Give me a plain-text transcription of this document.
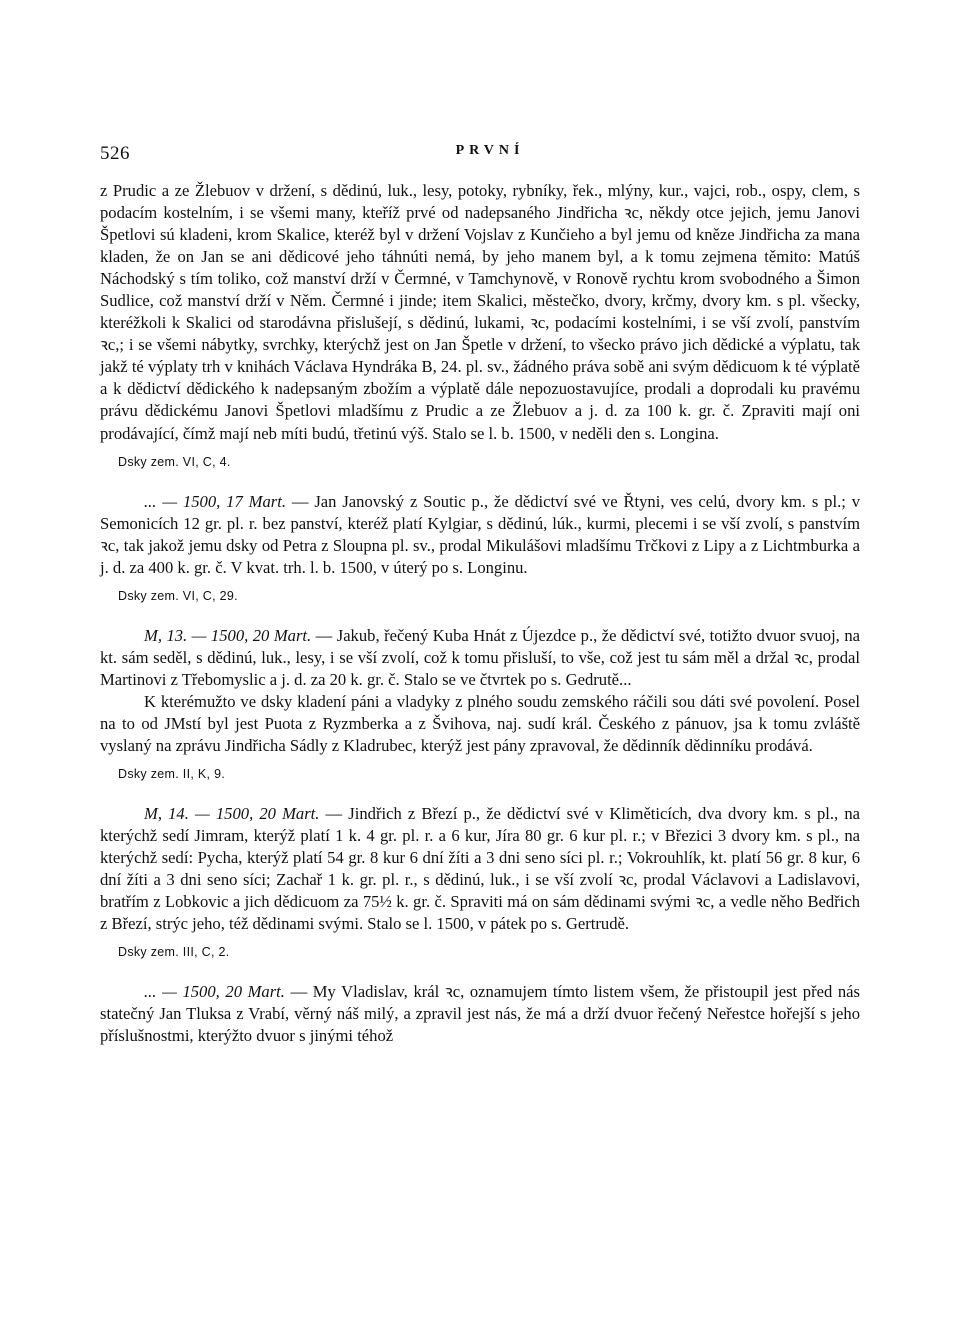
526	PRVNÍ

z Prudic a ze Žlebuov v držení, s dědinú, luk., lesy, potoky, rybníky, řek., mlýny, kur., vajci, rob., ospy, clem, s podacím kostelním, i se všemi many, kteříž prvé od nadepsaného Jindřicha ꝛc, někdy otce jejich, jemu Janovi Špetlovi sú kladeni, krom Skalice, kteréž byl v držení Vojslav z Kunčieho a byl jemu od kněze Jindřicha za mana kladen, že on Jan se ani dědicové jeho táhnúti nemá, by jeho manem byl, a k tomu zejmena těmito: Matúš Náchodský s tím toliko, což manství drží v Čermné, v Tamchynově, v Ronově rychtu krom svobodného a Šimon Sudlice, což manství drží v Něm. Čermné i jinde; item Skalici, městečko, dvory, krčmy, dvory km. s pl. všecky, kteréžkoli k Skalici od starodávna přislušejí, s dědinú, lukami, ꝛc, podacími kostelními, i se vší zvolí, panstvím ꝛc,; i se všemi nábytky, svrchky, kterýchž jest on Jan Špetle v držení, to všecko právo jich dědické a výplatu, tak jakž té výplaty trh v knihách Václava Hyndráka B, 24. pl. sv., žádného práva sobě ani svým dědicuom k té výplatě a k dědictví dědického k nadepsaným zbožím a výplatě dále nepozuostavujíce, prodali a doprodali ku pravému právu dědickému Janovi Špetlovi mladšímu z Prudic a ze Žlebuov a j. d. za 100 k. gr. č. Zpraviti mají oni prodávající, čímž mají neb míti budú, třetinú výš. Stalo se l. b. 1500, v neděli den s. Longina.

Dsky zem. VI, C, 4.

... — 1500, 17 Mart. — Jan Janovský z Soutic p., že dědictví své ve Řtyni, ves celú, dvory km. s pl.; v Semonicích 12 gr. pl. r. bez panství, kteréž platí Kylgiar, s dědinú, lúk., kurmi, plecemi i se vší zvolí, s panstvím ꝛc, tak jakož jemu dsky od Petra z Sloupna pl. sv., prodal Mikulášovi mladšímu Trčkovi z Lipy a z Lichtmburka a j. d. za 400 k. gr. č. V kvat. trh. l. b. 1500, v úterý po s. Longinu.

Dsky zem. VI, C, 29.

M, 13. — 1500, 20 Mart. — Jakub, řečený Kuba Hnát z Újezdce p., že dědictví své, totižto dvuor svuoj, na kt. sám seděl, s dědinú, luk., lesy, i se vší zvolí, což k tomu přisluší, to vše, což jest tu sám měl a držal ꝛc, prodal Martinovi z Třebomyslic a j. d. za 20 k. gr. č. Stalo se ve čtvrtek po s. Gedrutě...

K kterémužto ve dsky kladení páni a vladyky z plného soudu zemského ráčili sou dáti své povolení. Posel na to od JMstí byl jest Puota z Ryzmberka a z Švihova, naj. sudí král. Českého z pánuov, jsa k tomu zvláště vyslaný na zprávu Jindřicha Sádly z Kladrubec, kterýž jest pány zpravoval, že dědinník dědinníku prodává.

Dsky zem. II, K, 9.

M, 14. — 1500, 20 Mart. — Jindřich z Březí p., že dědictví své v Kliměticích, dva dvory km. s pl., na kterýchž sedí Jimram, kterýž platí 1 k. 4 gr. pl. r. a 6 kur, Jíra 80 gr. 6 kur pl. r.; v Březici 3 dvory km. s pl., na kterýchž sedí: Pycha, kterýž platí 54 gr. 8 kur 6 dní žíti a 3 dni seno síci pl. r.; Vokrouhlík, kt. platí 56 gr. 8 kur, 6 dní žíti a 3 dni seno síci; Zachař 1 k. gr. pl. r., s dědinú, luk., i se vší zvolí ꝛc, prodal Václavovi a Ladislavovi, bratřím z Lobkovic a jich dědicuom za 75½ k. gr. č. Spraviti má on sám dědinami svými ꝛc, a vedle něho Bedřich z Březí, strýc jeho, též dědinami svými. Stalo se l. 1500, v pátek po s. Gertrudě.

Dsky zem. III, C, 2.

... — 1500, 20 Mart. — My Vladislav, král ꝛc, oznamujem tímto listem všem, že přistoupil jest před nás statečný Jan Tluksa z Vrabí, věrný náš milý, a zpravil jest nás, že má a drží dvuor řečený Neřestce hořejší s jeho příslušnostmi, kterýžto dvuor s jinými téhož
